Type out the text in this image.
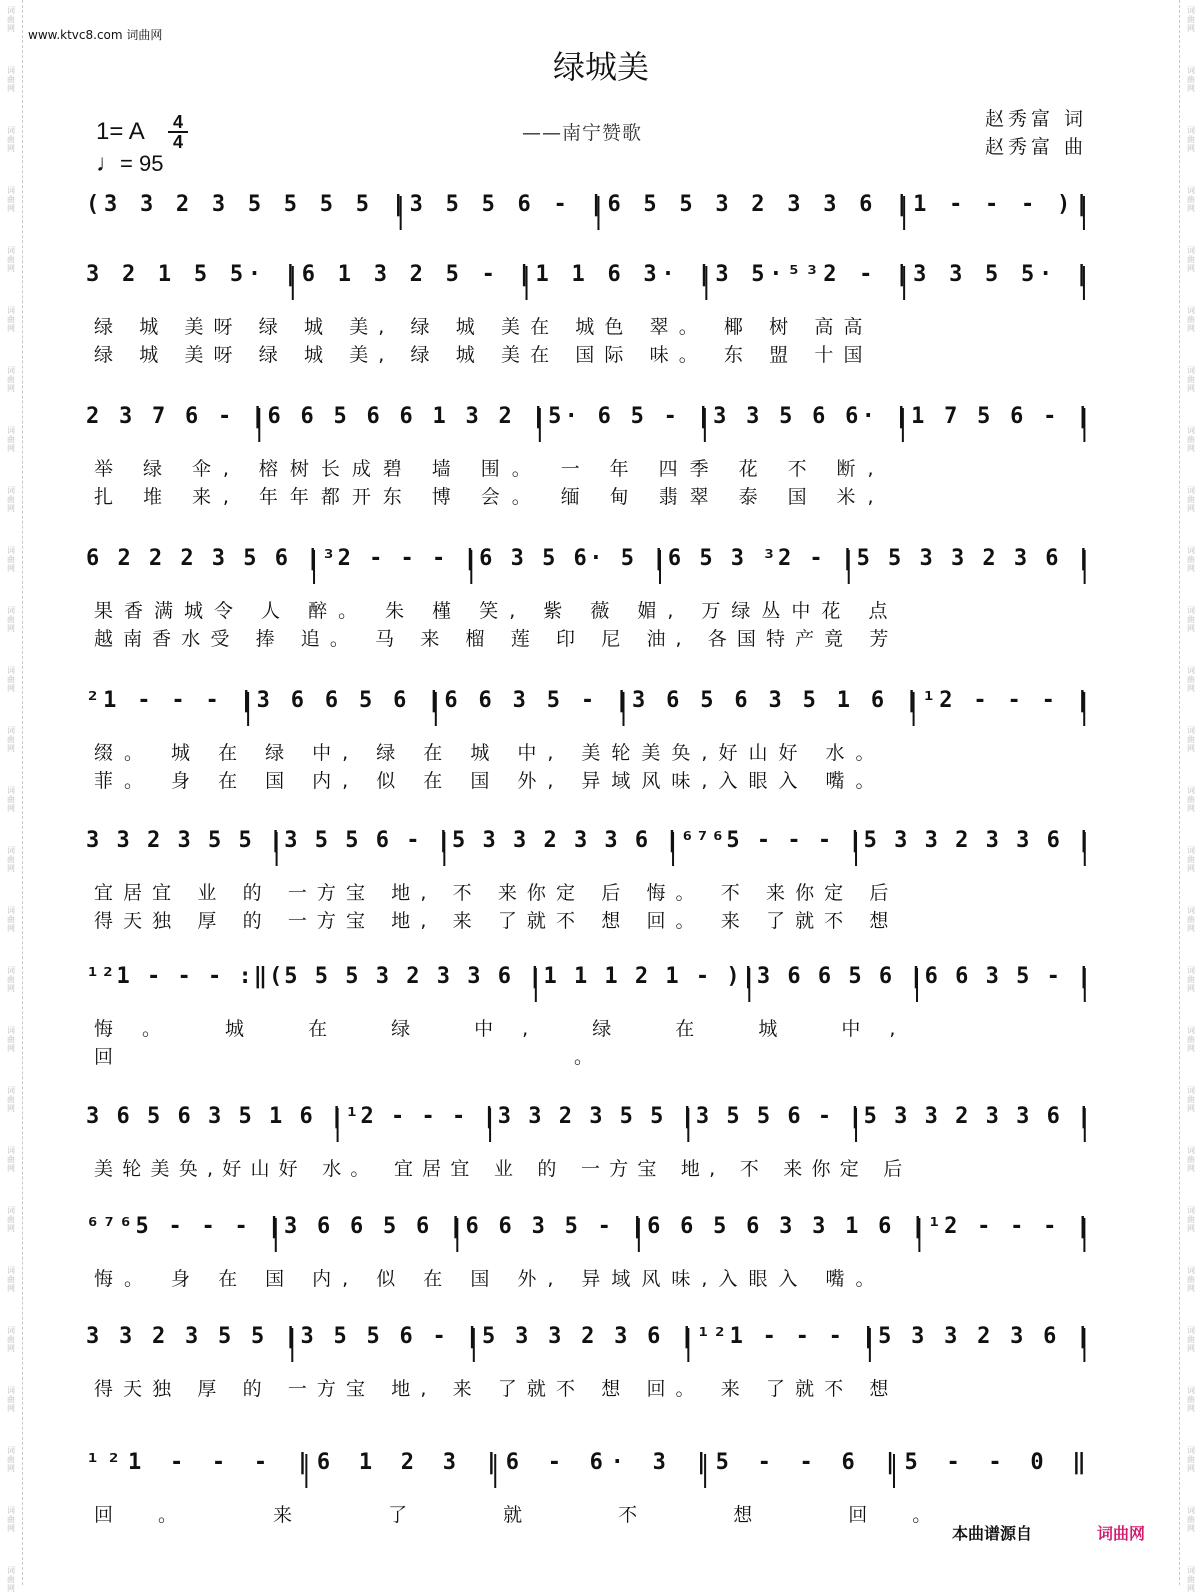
www.ktvc8.com 词曲网
绿城美
——南宁赞歌
赵秀富 词
赵秀富 曲
1= A 4
4
♩= 95
(3 3 2 3 5 5 5 5 |3 5 5 6 - |6 5 5 3 2 3 3 6 |1 - - - )|
3 2 1 5 5· |6 1 3 2 5 - |1 1 6 3· |3 5·⁵³2 - |3 3 5 5· |
绿 城 美呀 绿 城 美, 绿 城 美在 城色 翠。 椰 树 高高
绿 城 美呀 绿 城 美, 绿 城 美在 国际 味。 东 盟 十国
2 3 7 6 - |6 6 5 6 6 1 3 2 |5· 6 5 - |3 3 5 6 6· |1 7 5 6 - |
举 绿 伞, 榕树长成碧 墙 围。 一 年 四季 花 不 断,
扎 堆 来, 年年都开东 博 会。 缅 甸 翡翠 泰 国 米,
6 2 2 2 3 5 6 |³2 - - - |6 3 5 6· 5 |6 5 3 ³2 - |5 5 3 3 2 3 6 |
果香满城令 人 醉。 朱 槿 笑, 紫 薇 媚, 万绿丛中花 点
越南香水受 捧 追。 马 来 榴 莲 印 尼 油, 各国特产竟 芳
²1 - - - |3 6 6 5 6 |6 6 3 5 - |3 6 5 6 3 5 1 6 |¹2 - - - |
缀。 城 在 绿 中, 绿 在 城 中, 美轮美奂,好山好 水。
菲。 身 在 国 内, 似 在 国 外, 异域风味,入眼入 嘴。
3 3 2 3 5 5 |3 5 5 6 - |5 3 3 2 3 3 6 |⁶⁷⁶5 - - - |5 3 3 2 3 3 6 |
宜居宜 业 的 一方宝 地, 不 来你定 后 悔。 不 来你定 后
得天独 厚 的 一方宝 地, 来 了就不 想 回。 来 了就不 想
¹²1 - - - :‖(5 5 5 3 2 3 3 6 |1 1 1 2 1 - )|3 6 6 5 6 |6 6 3 5 - |
悔。 城 在 绿 中, 绿 在 城 中,
回。
3 6 5 6 3 5 1 6 |¹2 - - - |3 3 2 3 5 5 |3 5 5 6 - |5 3 3 2 3 3 6 |
美轮美奂,好山好 水。 宜居宜 业 的 一方宝 地, 不 来你定 后
⁶⁷⁶5 - - - |3 6 6 5 6 |6 6 3 5 - |6 6 5 6 3 3 1 6 |¹2 - - - |
悔。 身 在 国 内, 似 在 国 外, 异域风味,入眼入 嘴。
3 3 2 3 5 5 |3 5 5 6 - |5 3 3 2 3 6 |¹²1 - - - |5 3 3 2 3 6 |
得天独 厚 的 一方宝 地, 来 了就不 想 回。 来 了就不 想
¹²1 - - - |6 1 2 3 |6 - 6· 3 |5 - - 6 |5 - - 0 ‖
回。 来 了 就 不 想 回。
本曲谱源自	词曲网
词
曲
网
词
曲
网
词
曲
网
词
曲
网
词
曲
网
词
曲
网
词
曲
网
词
曲
网
词
曲
网
词
曲
网
词
曲
网
词
曲
网
词
曲
网
词
曲
网
词
曲
网
词
曲
网
词
曲
网
词
曲
网
词
曲
网
词
曲
网
词
曲
网
词
曲
网
词
曲
网
词
曲
网
词
曲
网
词
曲
网
词
曲
网
词
曲
网
词
曲
网
词
曲
网
词
曲
网
词
曲
网
词
曲
网
词
曲
网
词
曲
网
词
曲
网
词
曲
网
词
曲
网
词
曲
网
词
曲
网
词
曲
网
词
曲
网
词
曲
网
词
曲
网
词
曲
网
词
曲
网
词
曲
网
词
曲
网
词
曲
网
词
曲
网
词
曲
网
词
曲
网
词
曲
网
词
曲
网
